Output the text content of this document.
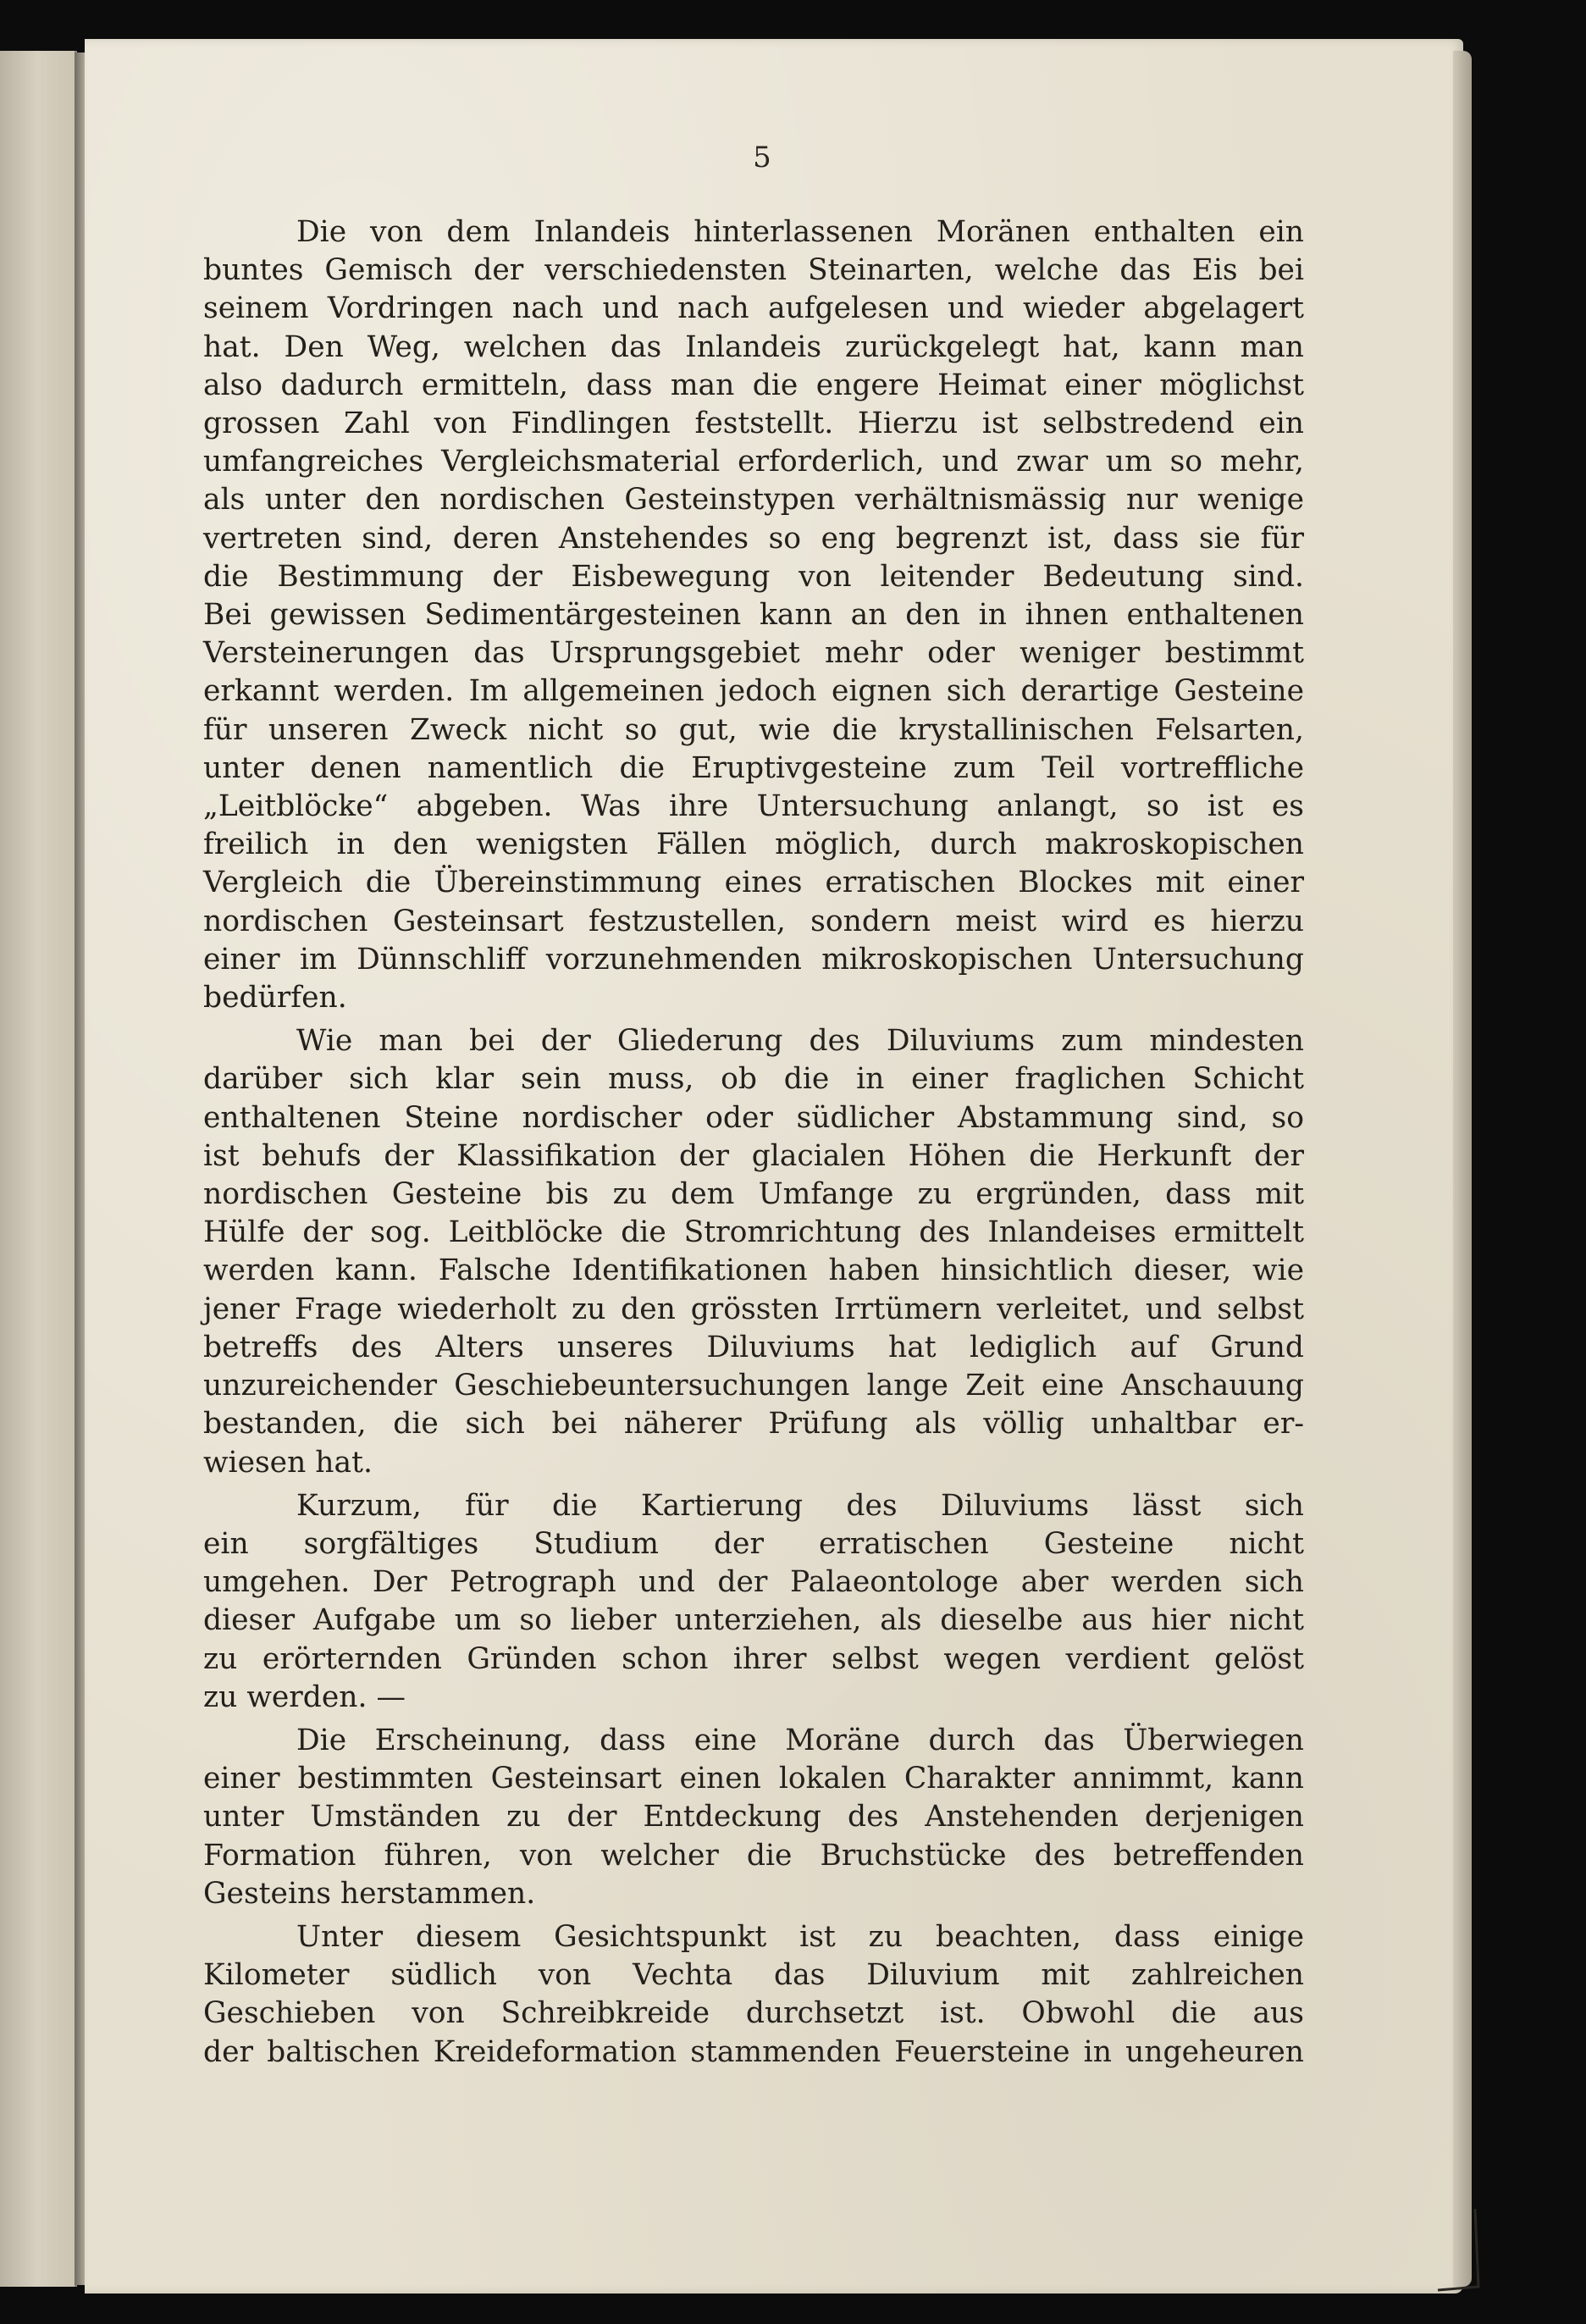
5
Die von dem Inlandeis hinterlassenen Moränen enthalten ein
buntes Gemisch der verschiedensten Steinarten, welche das Eis bei
seinem Vordringen nach und nach aufgelesen und wieder abgelagert
hat. Den Weg, welchen das Inlandeis zurückgelegt hat, kann man
also dadurch ermitteln, dass man die engere Heimat einer möglichst
grossen Zahl von Findlingen feststellt. Hierzu ist selbstredend ein
umfangreiches Vergleichsmaterial erforderlich, und zwar um so mehr,
als unter den nordischen Gesteinstypen verhältnismässig nur wenige
vertreten sind, deren Anstehendes so eng begrenzt ist, dass sie für
die Bestimmung der Eisbewegung von leitender Bedeutung sind.
Bei gewissen Sedimentärgesteinen kann an den in ihnen enthaltenen
Versteinerungen das Ursprungsgebiet mehr oder weniger bestimmt
erkannt werden. Im allgemeinen jedoch eignen sich derartige Gesteine
für unseren Zweck nicht so gut, wie die krystallinischen Felsarten,
unter denen namentlich die Eruptivgesteine zum Teil vortreffliche
„Leitblöcke“ abgeben. Was ihre Untersuchung anlangt, so ist es
freilich in den wenigsten Fällen möglich, durch makroskopischen
Vergleich die Übereinstimmung eines erratischen Blockes mit einer
nordischen Gesteinsart festzustellen, sondern meist wird es hierzu
einer im Dünnschliff vorzunehmenden mikroskopischen Untersuchung
bedürfen.
Wie man bei der Gliederung des Diluviums zum mindesten
darüber sich klar sein muss, ob die in einer fraglichen Schicht
enthaltenen Steine nordischer oder südlicher Abstammung sind, so
ist behufs der Klassifikation der glacialen Höhen die Herkunft der
nordischen Gesteine bis zu dem Umfange zu ergründen, dass mit
Hülfe der sog. Leitblöcke die Stromrichtung des Inlandeises ermittelt
werden kann. Falsche Identifikationen haben hinsichtlich dieser, wie
jener Frage wiederholt zu den grössten Irrtümern verleitet, und selbst
betreffs des Alters unseres Diluviums hat lediglich auf Grund
unzureichender Geschiebeuntersuchungen lange Zeit eine Anschauung
bestanden, die sich bei näherer Prüfung als völlig unhaltbar er-
wiesen hat.
Kurzum, für die Kartierung des Diluviums lässt sich
ein sorgfältiges Studium der erratischen Gesteine nicht
umgehen. Der Petrograph und der Palaeontologe aber werden sich
dieser Aufgabe um so lieber unterziehen, als dieselbe aus hier nicht
zu erörternden Gründen schon ihrer selbst wegen verdient gelöst
zu werden. —
Die Erscheinung, dass eine Moräne durch das Überwiegen
einer bestimmten Gesteinsart einen lokalen Charakter annimmt, kann
unter Umständen zu der Entdeckung des Anstehenden derjenigen
Formation führen, von welcher die Bruchstücke des betreffenden
Gesteins herstammen.
Unter diesem Gesichtspunkt ist zu beachten, dass einige
Kilometer südlich von Vechta das Diluvium mit zahlreichen
Geschieben von Schreibkreide durchsetzt ist. Obwohl die aus
der baltischen Kreideformation stammenden Feuersteine in ungeheuren
